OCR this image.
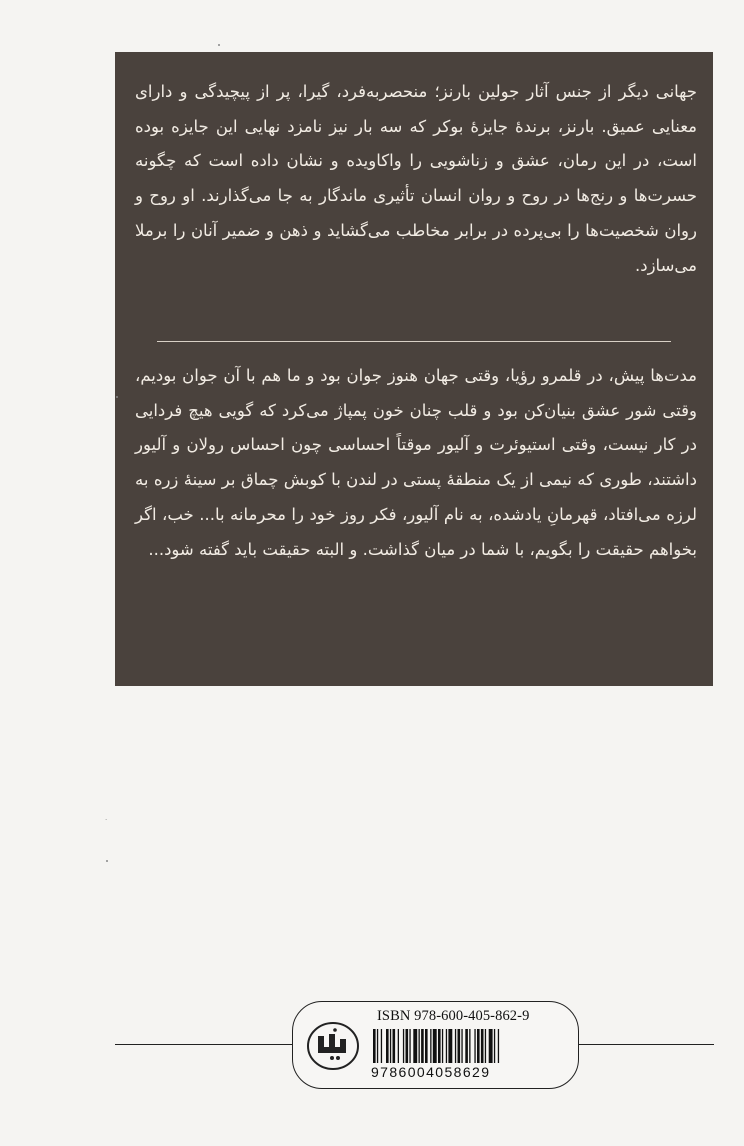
جهانی دیگر از جنس آثار جولین بارنز؛ منحصربه‌فرد، گیرا، پر از پیچیدگی و دارای معنایی عمیق. بارنز، برندهٔ جایزهٔ بوکر که سه بار نیز نامزد نهایی این جایزه بوده است، در این رمان، عشق و زناشویی را واکاویده و نشان داده است که چگونه حسرت‌ها و رنج‌ها در روح و روان انسان تأثیری ماندگار به جا می‌گذارند. او روح و روان شخصیت‌ها را بی‌پرده در برابر مخاطب می‌گشاید و ذهن و ضمیر آنان را برملا می‌سازد.

مدت‌ها پیش، در قلمرو رؤیا، وقتی جهان هنوز جوان بود و ما هم با آن جوان بودیم، وقتی شور عشق بنیان‌کن بود و قلب چنان خون پمپاژ می‌کرد که گویی هیچ فردایی در کار نیست، وقتی استیوئرت و آلیور موقتاً احساسی چون احساس رولان و آلیور داشتند، طوری که نیمی از یک منطقهٔ پستی در لندن با کوبش چماق بر سینهٔ زره به لرزه می‌افتاد، قهرمانِ یادشده، به نام آلیور، فکر روز خود را محرمانه با... خب، اگر بخواهم حقیقت را بگویم، با شما در میان گذاشت. و البته حقیقت باید گفته شود...

ثالث
ISBN 978-600-405-862-9
9786004058629
